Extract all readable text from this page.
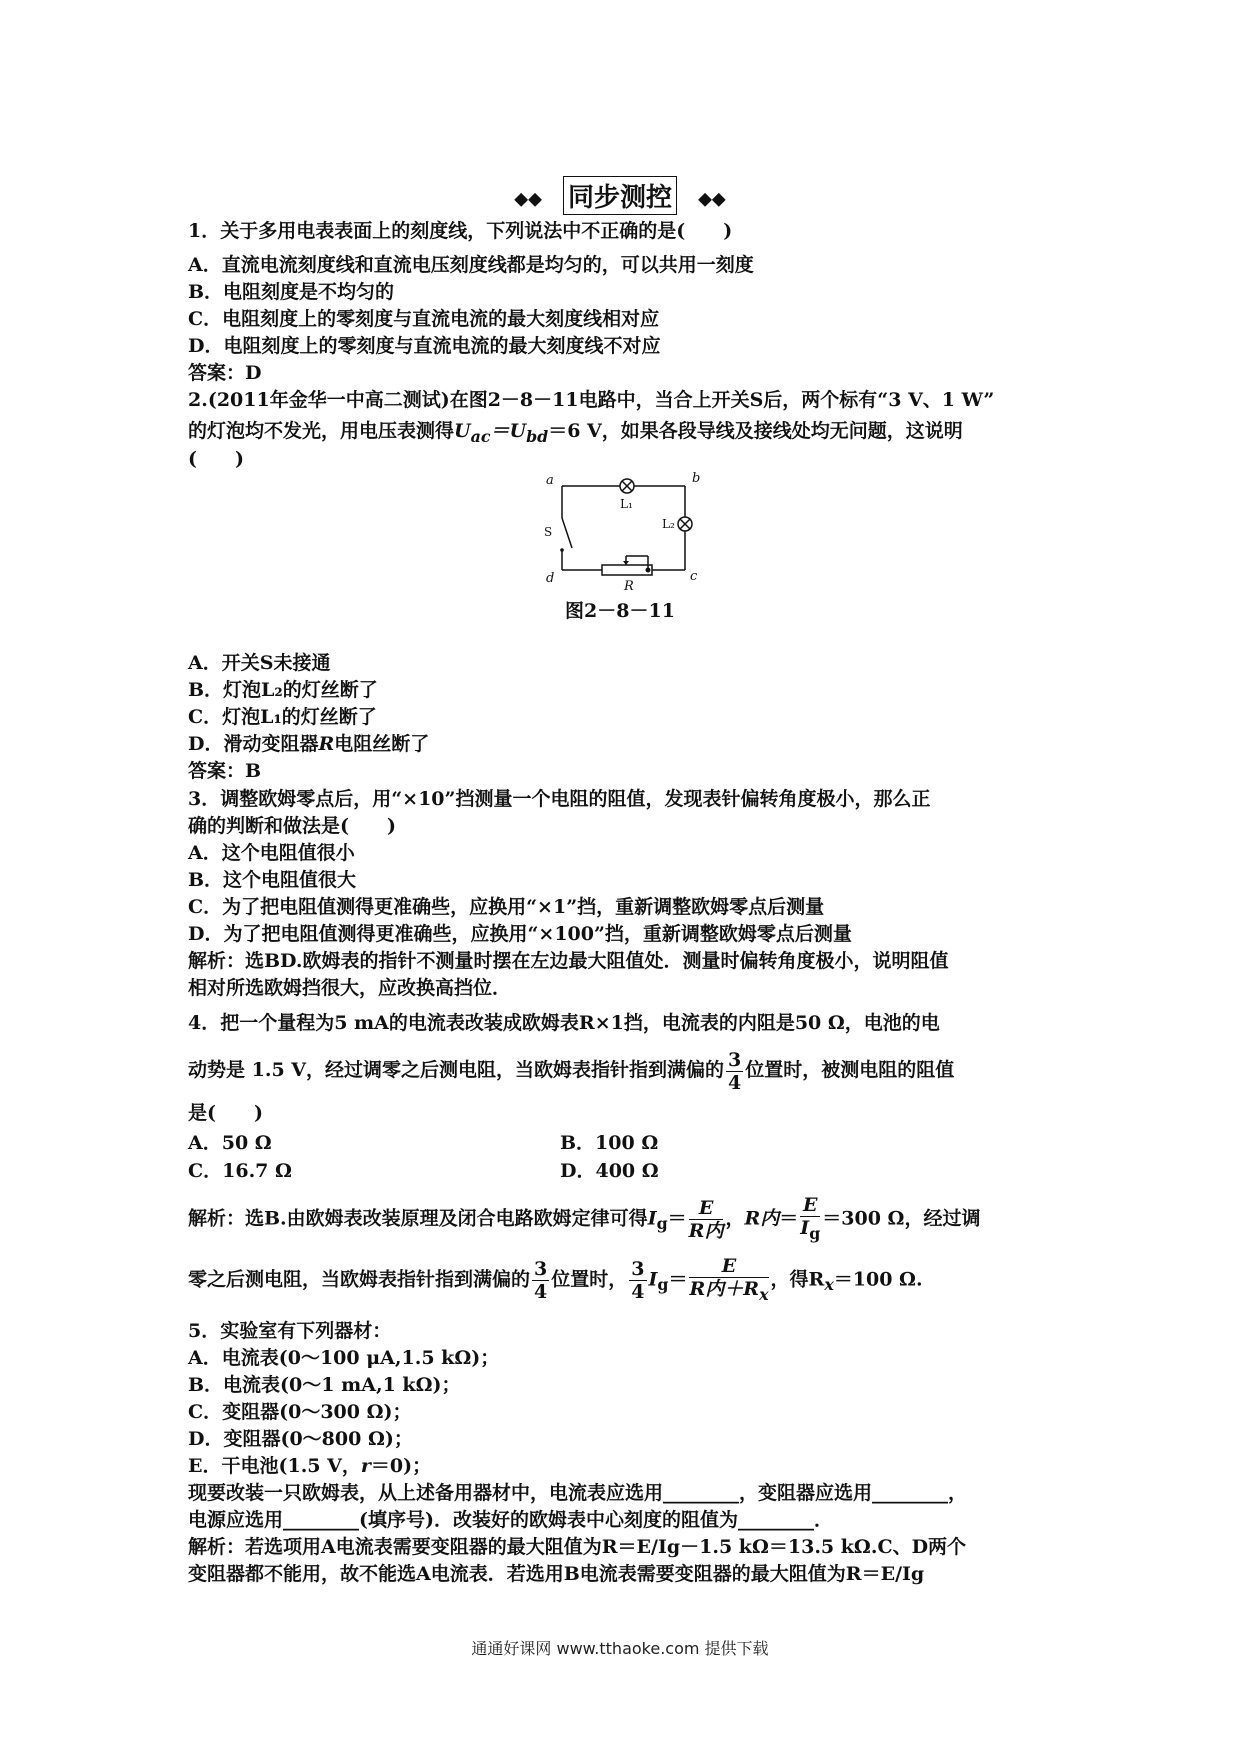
◆◆ 同步测控 ◆◆
1．关于多用电表表面上的刻度线，下列说法中不正确的是(　　)
A．直流电流刻度线和直流电压刻度线都是均匀的，可以共用一刻度
B．电阻刻度是不均匀的
C．电阻刻度上的零刻度与直流电流的最大刻度线相对应
D．电阻刻度上的零刻度与直流电流的最大刻度线不对应
答案：D
2.(2011年金华一中高二测试)在图2－8－11电路中，当合上开关S后，两个标有“3 V、1 W”
的灯泡均不发光，用电压表测得$U_{ac}=U_{bd}=6$ V，如果各段导线及接线处均无问题，这说明
(　　)
a	b
c
d
R
S
L₁
L₂
图2－8－11
A．开关S未接通
B．灯泡L₂的灯丝断了
C．灯泡L₁的灯丝断了
D．滑动变阻器R电阻丝断了
答案：B
3．调整欧姆零点后，用“×10”挡测量一个电阻的阻值，发现表针偏转角度极小，那么正
确的判断和做法是(　　)
A．这个电阻值很小
B．这个电阻值很大
C．为了把电阻值测得更准确些，应换用“×1”挡，重新调整欧姆零点后测量
D．为了把电阻值测得更准确些，应换用“×100”挡，重新调整欧姆零点后测量
解析：选BD.欧姆表的指针不测量时摆在左边最大阻值处．测量时偏转角度极小，说明阻值
相对所选欧姆挡很大，应改换高挡位．
4．把一个量程为5 mA的电流表改装成欧姆表R×1挡，电流表的内阻是50 Ω，电池的电
动势是 1.5 V，经过调零之后测电阻，当欧姆表指针指到满偏的 $\frac{3}{4}$ 位置时，被测电阻的阻值
是(　　)
A．50 Ω	B．100 Ω
C．16.7 Ω	D．400 Ω
解析：选B.由欧姆表改装原理及闭合电路欧姆定律可得$I_g= \frac{E}{\text{R内}}$ ，R内＝ $\frac{E}{I_g} =300$ Ω，经过调
零之后测电阻，当欧姆表指针指到满偏的 $\frac{3}{4}$ 位置时， $\frac{3}{4} I_g= \frac{E}{R内+R_x}$ ，得$R_x=100$ Ω.
5．实验室有下列器材：
A．电流表(0～100 μA,1.5 kΩ)；
B．电流表(0～1 mA,1 kΩ)；
C．变阻器(0～300 Ω)；
D．变阻器(0～800 Ω)；
E．干电池(1.5 V，r＝0)；
现要改装一只欧姆表，从上述备用器材中，电流表应选用________，变阻器应选用________，
电源应选用________(填序号)．改装好的欧姆表中心刻度的阻值为________．
解析：若选项用A电流表需要变阻器的最大阻值为R＝E/Ig－1.5 kΩ＝13.5 kΩ.C、D两个
变阻器都不能用，故不能选A电流表．若选用B电流表需要变阻器的最大阻值为R＝E/Ig
通通好课网 www.tthaoke.com 提供下载
